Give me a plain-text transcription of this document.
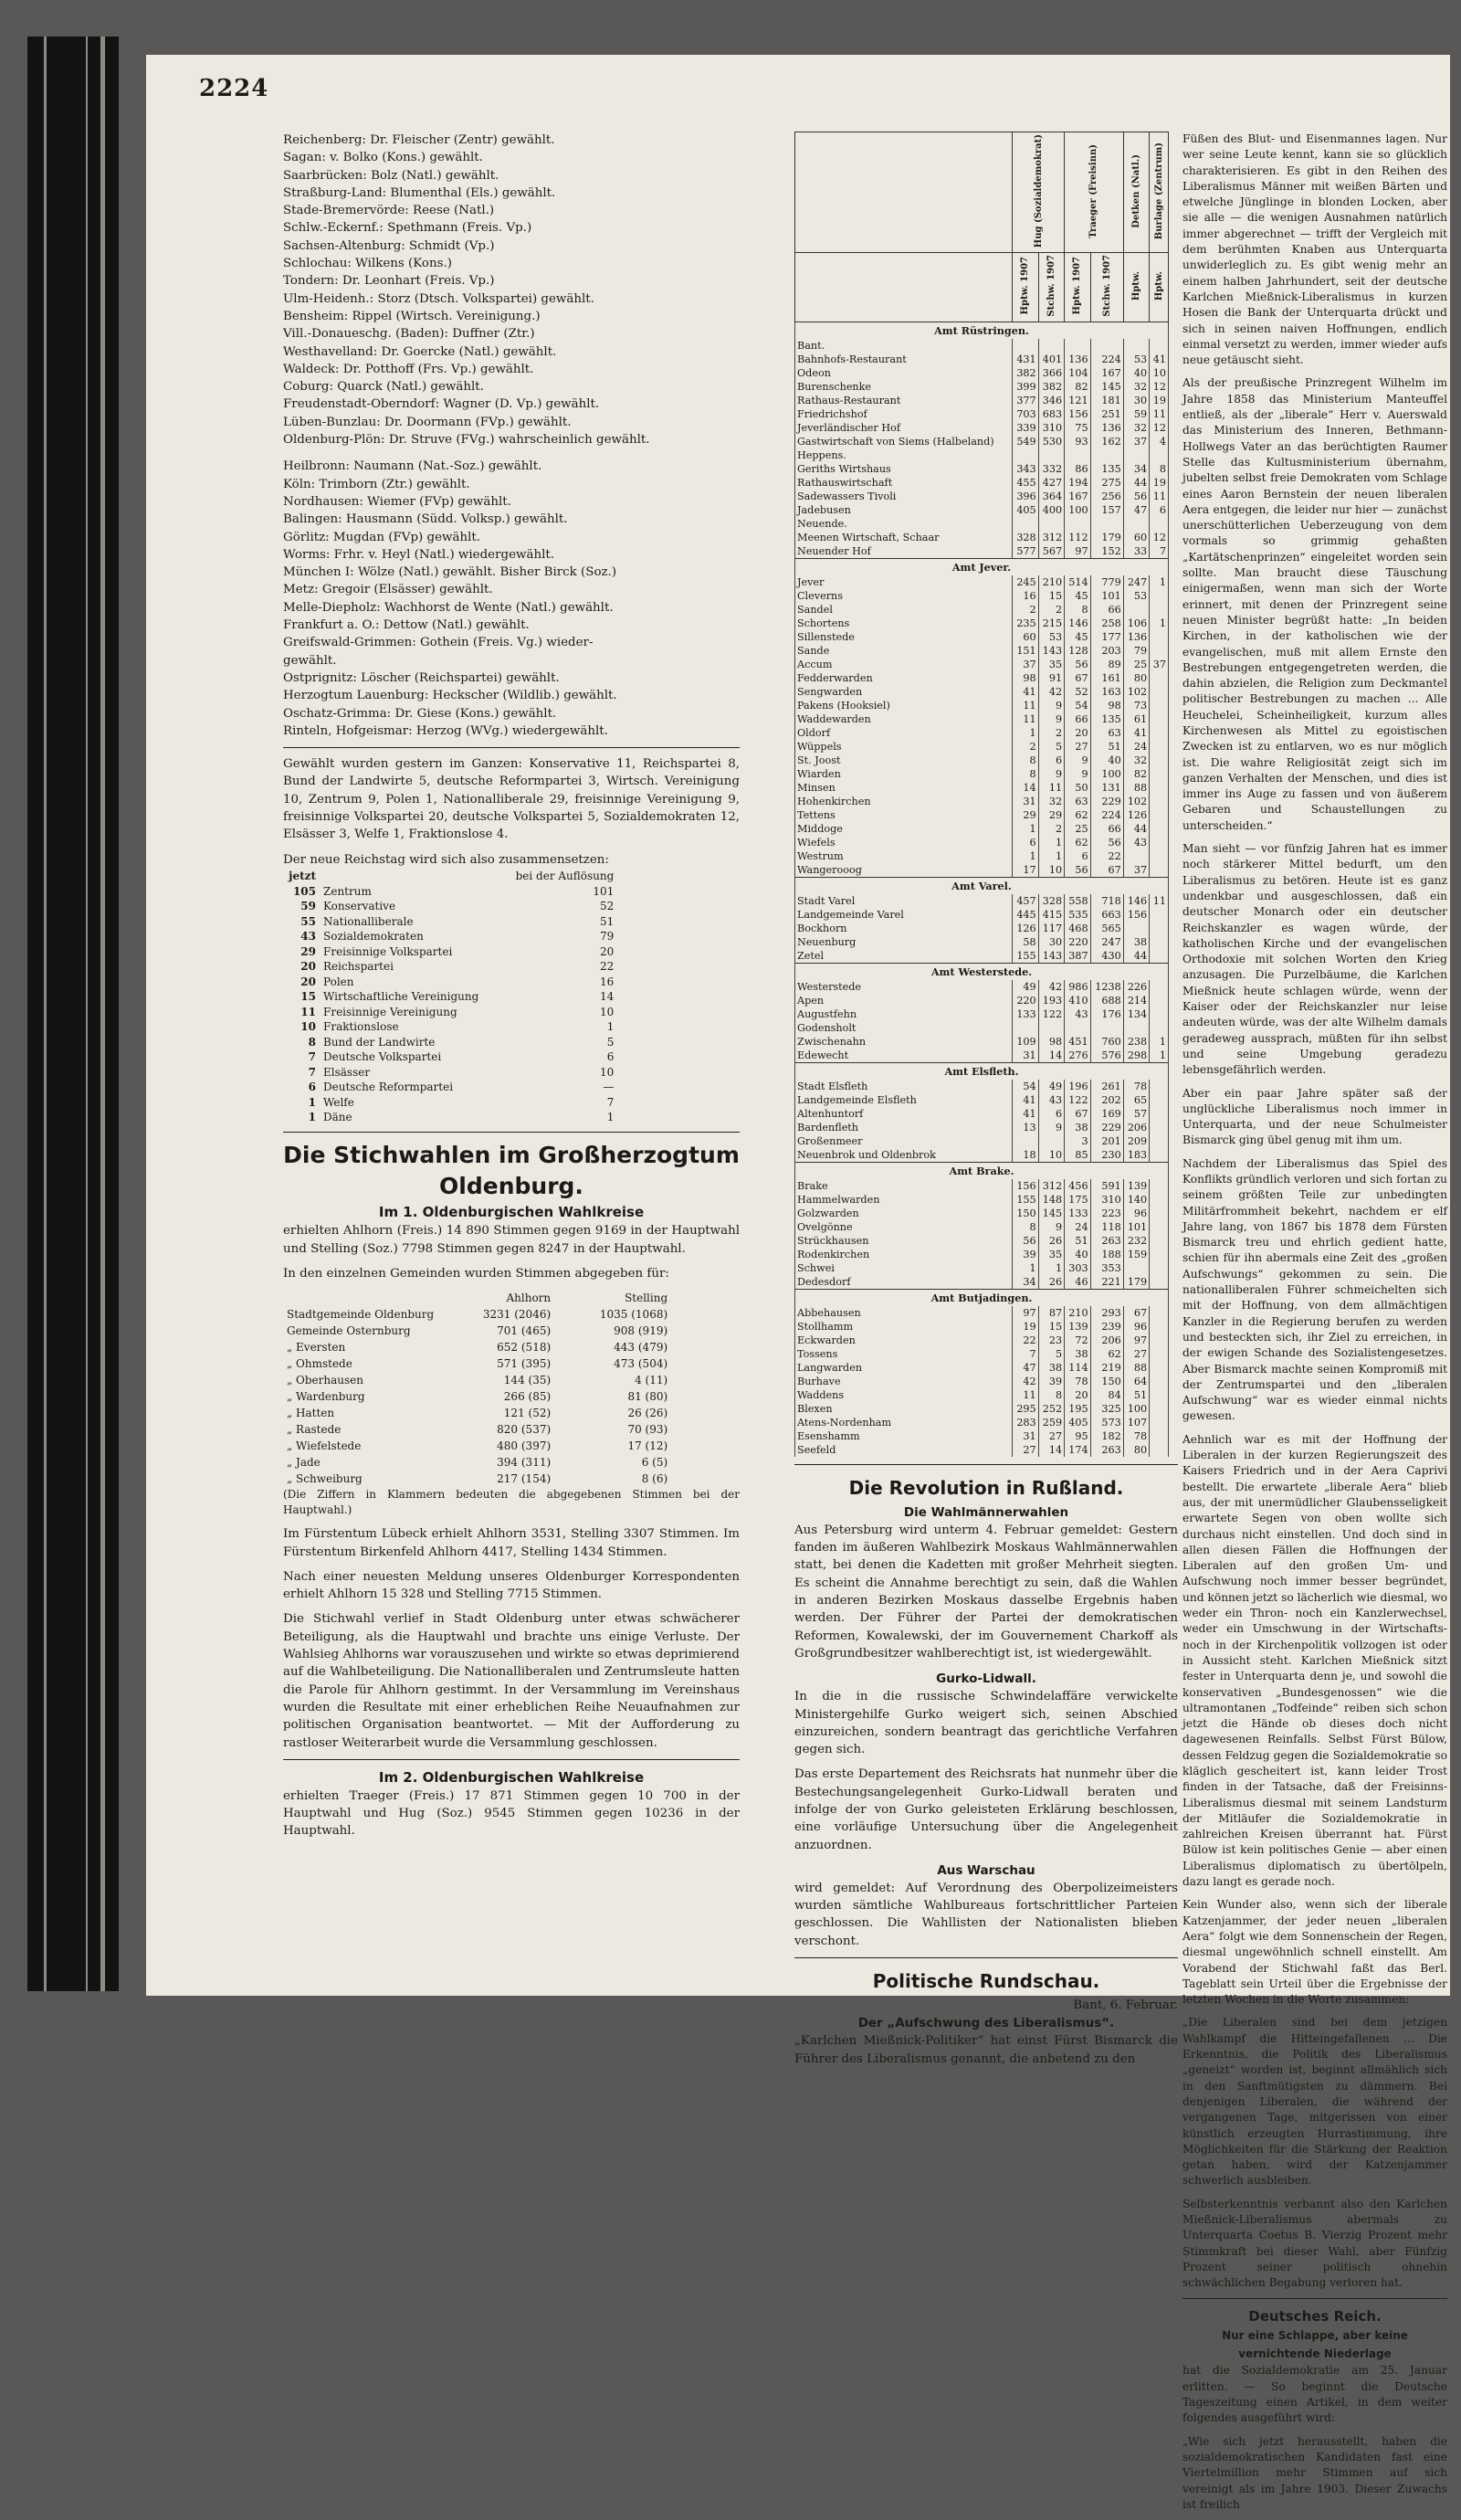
2224
Reichenberg: Dr. Fleischer (Zentr) gewählt.
Sagan: v. Bolko (Kons.) gewählt.
Saarbrücken: Bolz (Natl.) gewählt.
Straßburg-Land: Blumenthal (Els.) gewählt.
Stade-Bremervörde: Reese (Natl.)
Schlw.-Eckernf.: Spethmann (Freis. Vp.)
Sachsen-Altenburg: Schmidt (Vp.)
Schlochau: Wilkens (Kons.)
Tondern: Dr. Leonhart (Freis. Vp.)
Ulm-Heidenh.: Storz (Dtsch. Volkspartei) gewählt.
Bensheim: Rippel (Wirtsch. Vereinigung.)
Vill.-Donaueschg. (Baden): Duffner (Ztr.)
Westhavelland: Dr. Goercke (Natl.) gewählt.
Waldeck: Dr. Potthoff (Frs. Vp.) gewählt.
Coburg: Quarck (Natl.) gewählt.
Freudenstadt-Oberndorf: Wagner (D. Vp.) gewählt.
Lüben-Bunzlau: Dr. Doormann (FVp.) gewählt.
Oldenburg-Plön: Dr. Struve (FVg.) wahrscheinlich gewählt.
Heilbronn: Naumann (Nat.-Soz.) gewählt.
Köln: Trimborn (Ztr.) gewählt.
Nordhausen: Wiemer (FVp) gewählt.
Balingen: Hausmann (Südd. Volksp.) gewählt.
Görlitz: Mugdan (FVp) gewählt.
Worms: Frhr. v. Heyl (Natl.) wiedergewählt.
München I: Wölze (Natl.) gewählt. Bisher Birck (Soz.)
Metz: Gregoir (Elsässer) gewählt.
Melle-Diepholz: Wachhorst de Wente (Natl.) gewählt.
Frankfurt a. O.: Dettow (Natl.) gewählt.
Greifswald-Grimmen: Gothein (Freis. Vg.) wieder-
gewählt.
Ostprignitz: Löscher (Reichspartei) gewählt.
Herzogtum Lauenburg: Heckscher (Wildlib.) gewählt.
Oschatz-Grimma: Dr. Giese (Kons.) gewählt.
Rinteln, Hofgeismar: Herzog (WVg.) wiedergewählt.

Gewählt wurden gestern im Ganzen: Konservative 11, Reichspartei 8, Bund der Landwirte 5, deutsche Reformpartei 3, Wirtsch. Vereinigung 10, Zentrum 9, Polen 1, Nationalliberale 29, freisinnige Vereinigung 9, freisinnige Volkspartei 20, deutsche Volkspartei 5, Sozialdemokraten 12, Elsässer 3, Welfe 1, Fraktionslose 4.

Der neue Reichstag wird sich also zusammensetzen:
jetzt		bei der Auflösung
105	Zentrum	101
59	Konservative	52
55	Nationalliberale	51
43	Sozialdemokraten	79
29	Freisinnige Volkspartei	20
20	Reichspartei	22
20	Polen	16
15	Wirtschaftliche Vereinigung	14
11	Freisinnige Vereinigung	10
10	Fraktionslose	1
8	Bund der Landwirte	5
7	Deutsche Volkspartei	6
7	Elsässer	10
6	Deutsche Reformpartei	—
1	Welfe	7
1	Däne	1
Die Stichwahlen im Großherzogtum Oldenburg.
Im 1. Oldenburgischen Wahlkreise

erhielten Ahlhorn (Freis.) 14 890 Stimmen gegen 9169 in der Hauptwahl und Stelling (Soz.) 7798 Stimmen gegen 8247 in der Hauptwahl.

In den einzelnen Gemeinden wurden Stimmen abgegeben für:

	Ahlhorn	Stelling
Stadtgemeinde Oldenburg	3231 (2046)	1035 (1068)
Gemeinde Osternburg	701 (465)	908 (919)
„ Eversten	652 (518)	443 (479)
„ Ohmstede	571 (395)	473 (504)
„ Oberhausen	144 (35)	4 (11)
„ Wardenburg	266 (85)	81 (80)
„ Hatten	121 (52)	26 (26)
„ Rastede	820 (537)	70 (93)
„ Wiefelstede	480 (397)	17 (12)
„ Jade	394 (311)	6 (5)
„ Schweiburg	217 (154)	8 (6)

(Die Ziffern in Klammern bedeuten die abgegebenen Stimmen bei der Hauptwahl.)

Im Fürstentum Lübeck erhielt Ahlhorn 3531, Stelling 3307 Stimmen. Im Fürstentum Birkenfeld Ahlhorn 4417, Stelling 1434 Stimmen.

Nach einer neuesten Meldung unseres Oldenburger Korrespondenten erhielt Ahlhorn 15 328 und Stelling 7715 Stimmen.

Die Stichwahl verlief in Stadt Oldenburg unter etwas schwächerer Beteiligung, als die Hauptwahl und brachte uns einige Verluste. Der Wahlsieg Ahlhorns war vorauszusehen und wirkte so etwas deprimierend auf die Wahlbeteiligung. Die Nationalliberalen und Zentrumsleute hatten die Parole für Ahlhorn gestimmt. In der Versammlung im Vereinshaus wurden die Resultate mit einer erheblichen Reihe Neuaufnahmen zur politischen Organisation beantwortet. — Mit der Aufforderung zu rastloser Weiterarbeit wurde die Versammlung geschlossen.

Im 2. Oldenburgischen Wahlkreise

erhielten Traeger (Freis.) 17 871 Stimmen gegen 10 700 in der Hauptwahl und Hug (Soz.) 9545 Stimmen gegen 10236 in der Hauptwahl.

	Hug (Sozialdemokrat)		Traeger (Freisinn)		Detken (Natl.)	Burlage (Zentrum)
	Hptw. 1907	Stchw. 1907	Hptw. 1907	Stchw. 1907	Hptw.	Hptw.
Amt Rüstringen.						
Bant.						
Bahnhofs-Restaurant	431	401	136	224	53	41
Odeon	382	366	104	167	40	10
Burenschenke	399	382	82	145	32	12
Rathaus-Restaurant	377	346	121	181	30	19
Friedrichshof	703	683	156	251	59	11
Jeverländischer Hof	339	310	75	136	32	12
Gastwirtschaft von Siems (Halbeland)	549	530	93	162	37	4
Heppens.						
Geriths Wirtshaus	343	332	86	135	34	8
Rathauswirtschaft	455	427	194	275	44	19
Sadewassers Tivoli	396	364	167	256	56	11
Jadebusen	405	400	100	157	47	6
Neuende.						
Meenen Wirtschaft, Schaar	328	312	112	179	60	12
Neuender Hof	577	567	97	152	33	7
Amt Jever.						
Jever	245	210	514	779	247	1
Cleverns	16	15	45	101	53	
Sandel	2	2	8	66		
Schortens	235	215	146	258	106	1
Sillenstede	60	53	45	177	136	
Sande	151	143	128	203	79	
Accum	37	35	56	89	25	37
Fedderwarden	98	91	67	161	80	
Sengwarden	41	42	52	163	102	
Pakens (Hooksiel)	11	9	54	98	73	
Waddewarden	11	9	66	135	61	
Oldorf	1	2	20	63	41	
Wüppels	2	5	27	51	24	
St. Joost	8	6	9	40	32	
Wiarden	8	9	9	100	82	
Minsen	14	11	50	131	88	
Hohenkirchen	31	32	63	229	102	
Tettens	29	29	62	224	126	
Middoge	1	2	25	66	44	
Wiefels	6	1	62	56	43	
Westrum	1	1	6	22		
Wangerooog	17	10	56	67	37	
Amt Varel.						
Stadt Varel	457	328	558	718	146	11
Landgemeinde Varel	445	415	535	663	156	
Bockhorn	126	117	468	565		
Neuenburg	58	30	220	247	38	
Zetel	155	143	387	430	44	
Amt Westerstede.						
Westerstede	49	42	986	1238	226	
Apen	220	193	410	688	214	
Augustfehn	133	122	43	176	134	
Godensholt						
Zwischenahn	109	98	451	760	238	1
Edewecht	31	14	276	576	298	1
Amt Elsfleth.						
Stadt Elsfleth	54	49	196	261	78	
Landgemeinde Elsfleth	41	43	122	202	65	
Altenhuntorf	41	6	67	169	57	
Bardenfleth	13	9	38	229	206	
Großenmeer			3	201	209	
Neuenbrok und Oldenbrok	18	10	85	230	183	
Amt Brake.						
Brake	156	312	456	591	139	
Hammelwarden	155	148	175	310	140	
Golzwarden	150	145	133	223	96	
Ovelgönne	8	9	24	118	101	
Strückhausen	56	26	51	263	232	
Rodenkirchen	39	35	40	188	159	
Schwei	1	1	303	353		
Dedesdorf	34	26	46	221	179	
Amt Butjadingen.						
Abbehausen	97	87	210	293	67	
Stollhamm	19	15	139	239	96	
Eckwarden	22	23	72	206	97	
Tossens	7	5	38	62	27	
Langwarden	47	38	114	219	88	
Burhave	42	39	78	150	64	
Waddens	11	8	20	84	51	
Blexen	295	252	195	325	100	
Atens-Nordenham	283	259	405	573	107	
Esenshamm	31	27	95	182	78	
Seefeld	27	14	174	263	80	
Die Revolution in Rußland.
Die Wahlmännerwahlen

Aus Petersburg wird unterm 4. Februar gemeldet: Gestern fanden im äußeren Wahlbezirk Moskaus Wahlmännerwahlen statt, bei denen die Kadetten mit großer Mehrheit siegten. Es scheint die Annahme berechtigt zu sein, daß die Wahlen in anderen Bezirken Moskaus dasselbe Ergebnis haben werden. Der Führer der Partei der demokratischen Reformen, Kowalewski, der im Gouvernement Charkoff als Großgrundbesitzer wahlberechtigt ist, ist wiedergewählt.

Gurko-Lidwall.

In die in die russische Schwindelaffäre verwickelte Ministergehilfe Gurko weigert sich, seinen Abschied einzureichen, sondern beantragt das gerichtliche Verfahren gegen sich.

Das erste Departement des Reichsrats hat nunmehr über die Bestechungsangelegenheit Gurko-Lidwall beraten und infolge der von Gurko geleisteten Erklärung beschlossen, eine vorläufige Untersuchung über die Angelegenheit anzuordnen.

Aus Warschau

wird gemeldet: Auf Verordnung des Oberpolizeimeisters wurden sämtliche Wahlbureaus fortschrittlicher Parteien geschlossen. Die Wahllisten der Nationalisten blieben verschont.

Politische Rundschau.
Bant, 6. Februar.
Der „Aufschwung des Liberalismus“.

„Karlchen Mießnick-Politiker“ hat einst Fürst Bismarck die Führer des Liberalismus genannt, die anbetend zu den

Füßen des Blut- und Eisenmannes lagen. Nur wer seine Leute kennt, kann sie so glücklich charakterisieren. Es gibt in den Reihen des Liberalismus Männer mit weißen Bärten und etwelche Jünglinge in blonden Locken, aber sie alle — die wenigen Ausnahmen natürlich immer abgerechnet — trifft der Vergleich mit dem berühmten Knaben aus Unterquarta unwiderleglich zu. Es gibt wenig mehr an einem halben Jahrhundert, seit der deutsche Karlchen Mießnick-Liberalismus in kurzen Hosen die Bank der Unterquarta drückt und sich in seinen naiven Hoffnungen, endlich einmal versetzt zu werden, immer wieder aufs neue getäuscht sieht.

Als der preußische Prinzregent Wilhelm im Jahre 1858 das Ministerium Manteuffel entließ, als der „liberale“ Herr v. Auerswald das Ministerium des Inneren, Bethmann-Hollwegs Vater an das berüchtigten Raumer Stelle das Kultusministerium übernahm, jubelten selbst freie Demokraten vom Schlage eines Aaron Bernstein der neuen liberalen Aera entgegen, die leider nur hier — zunächst unerschütterlichen Ueberzeugung von dem vormals so grimmig gehaßten „Kartätschenprinzen“ eingeleitet worden sein sollte. Man braucht diese Täuschung einigermaßen, wenn man sich der Worte erinnert, mit denen der Prinzregent seine neuen Minister begrüßt hatte: „In beiden Kirchen, in der katholischen wie der evangelischen, muß mit allem Ernste den Bestrebungen entgegengetreten werden, die dahin abzielen, die Religion zum Deckmantel politischer Bestrebungen zu machen ... Alle Heuchelei, Scheinheiligkeit, kurzum alles Kirchenwesen als Mittel zu egoistischen Zwecken ist zu entlarven, wo es nur möglich ist. Die wahre Religiosität zeigt sich im ganzen Verhalten der Menschen, und dies ist immer ins Auge zu fassen und von äußerem Gebaren und Schaustellungen zu unterscheiden.“

Man sieht — vor fünfzig Jahren hat es immer noch stärkerer Mittel bedurft, um den Liberalismus zu betören. Heute ist es ganz undenkbar und ausgeschlossen, daß ein deutscher Monarch oder ein deutscher Reichskanzler es wagen würde, der katholischen Kirche und der evangelischen Orthodoxie mit solchen Worten den Krieg anzusagen. Die Purzelbäume, die Karlchen Mießnick heute schlagen würde, wenn der Kaiser oder der Reichskanzler nur leise andeuten würde, was der alte Wilhelm damals geradeweg aussprach, müßten für ihn selbst und seine Umgebung geradezu lebensgefährlich werden.

Aber ein paar Jahre später saß der unglückliche Liberalismus noch immer in Unterquarta, und der neue Schulmeister Bismarck ging übel genug mit ihm um.

Nachdem der Liberalismus das Spiel des Konflikts gründlich verloren und sich fortan zu seinem größten Teile zur unbedingten Militärfrommheit bekehrt, nachdem er elf Jahre lang, von 1867 bis 1878 dem Fürsten Bismarck treu und ehrlich gedient hatte, schien für ihn abermals eine Zeit des „großen Aufschwungs“ gekommen zu sein. Die nationalliberalen Führer schmeichelten sich mit der Hoffnung, von dem allmächtigen Kanzler in die Regierung berufen zu werden und besteckten sich, ihr Ziel zu erreichen, in der ewigen Schande des Sozialistengesetzes. Aber Bismarck machte seinen Kompromiß mit der Zentrumspartei und den „liberalen Aufschwung“ war es wieder einmal nichts gewesen.

Aehnlich war es mit der Hoffnung der Liberalen in der kurzen Regierungszeit des Kaisers Friedrich und in der Aera Caprivi bestellt. Die erwartete „liberale Aera“ blieb aus, der mit unermüdlicher Glaubensseligkeit erwartete Segen von oben wollte sich durchaus nicht einstellen. Und doch sind in allen diesen Fällen die Hoffnungen der Liberalen auf den großen Um- und Aufschwung noch immer besser begründet, und können jetzt so lächerlich wie diesmal, wo weder ein Thron- noch ein Kanzlerwechsel, weder ein Umschwung in der Wirtschafts- noch in der Kirchenpolitik vollzogen ist oder in Aussicht steht. Karlchen Mießnick sitzt fester in Unterquarta denn je, und sowohl die konservativen „Bundesgenossen“ wie die ultramontanen „Todfeinde“ reiben sich schon jetzt die Hände ob dieses doch nicht dagewesenen Reinfalls. Selbst Fürst Bülow, dessen Feldzug gegen die Sozialdemokratie so kläglich gescheitert ist, kann leider Trost finden in der Tatsache, daß der Freisinns-Liberalismus diesmal mit seinem Landsturm der Mitläufer die Sozialdemokratie in zahlreichen Kreisen überrannt hat. Fürst Bülow ist kein politisches Genie — aber einen Liberalismus diplomatisch zu übertölpeln, dazu langt es gerade noch.

Kein Wunder also, wenn sich der liberale Katzenjammer, der jeder neuen „liberalen Aera“ folgt wie dem Sonnenschein der Regen, diesmal ungewöhnlich schnell einstellt. Am Vorabend der Stichwahl faßt das Berl. Tageblatt sein Urteil über die Ergebnisse der letzten Wochen in die Worte zusammen:

„Die Liberalen sind bei dem jetzigen Wahlkampf die Hitteingefallenen ... Die Erkenntnis, die Politik des Liberalismus „geneizt“ worden ist, beginnt allmählich sich in den Sanftmütigsten zu dämmern. Bei denjenigen Liberalen, die während der vergangenen Tage, mitgerissen von einer künstlich erzeugten Hurrastimmung, ihre Möglichkeiten für die Stärkung der Reaktion getan haben, wird der Katzenjammer schwerlich ausbleiben.

Selbsterkenntnis verbannt also den Karlchen Mießnick-Liberalismus abermals zu Unterquarta Coetus B. Vierzig Prozent mehr Stimmkraft bei dieser Wahl, aber Fünfzig Prozent seiner politisch ohnehin schwächlichen Begabung verloren hat.

Deutsches Reich.
Nur eine Schlappe, aber keine vernichtende Niederlage

hat die Sozialdemokratie am 25. Januar erlitten. — So beginnt die Deutsche Tageszeitung einen Artikel, in dem weiter folgendes ausgeführt wird:

„Wie sich jetzt herausstellt, haben die sozialdemokratischen Kandidaten fast eine Viertelmillion mehr Stimmen auf sich vereinigt als im Jahre 1903. Dieser Zuwachs ist freilich
